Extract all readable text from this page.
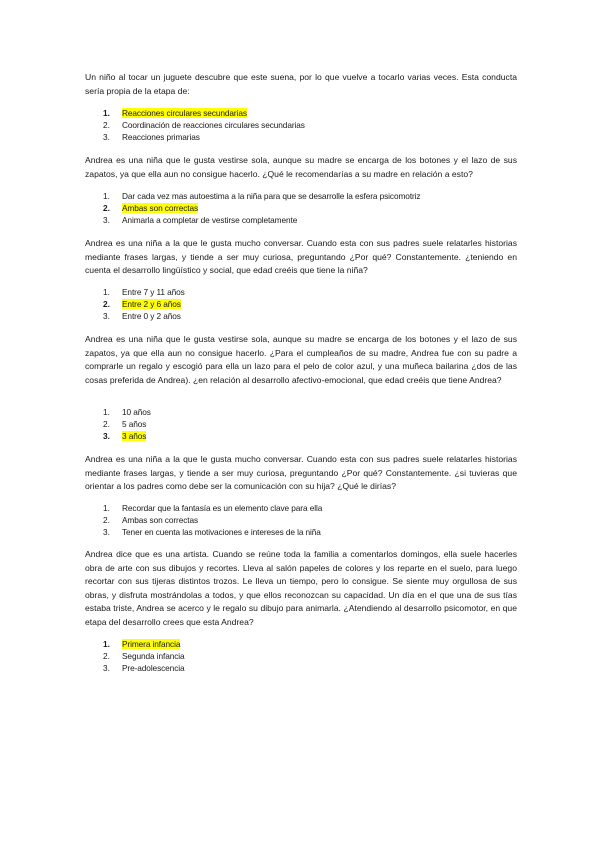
Un niño al tocar un juguete descubre que este suena, por lo que vuelve a tocarlo varias veces. Esta conducta sería propia de la etapa de:

1. Reacciones circulares secundarias
2. Coordinación de reacciones circulares secundarias
3. Reacciones primarias

Andrea es una niña que le gusta vestirse sola, aunque su madre se encarga de los botones y el lazo de sus zapatos, ya que ella aun no consigue hacerlo. ¿Qué le recomendarías a su madre en relación a esto?

1. Dar cada vez mas autoestima a la niña para que se desarrolle la esfera psicomotriz
2. Ambas son correctas
3. Animarla a completar de vestirse completamente

Andrea es una niña a la que le gusta mucho conversar. Cuando esta con sus padres suele relatarles historias mediante frases largas, y tiende a ser muy curiosa, preguntando ¿Por qué? Constantemente. ¿teniendo en cuenta el desarrollo lingüístico y social, que edad creéis que tiene la niña?

1. Entre 7 y 11 años
2. Entre 2 y 6 años
3. Entre 0 y 2 años

Andrea es una niña que le gusta vestirse sola, aunque su madre se encarga de los botones y el lazo de sus zapatos, ya que ella aun no consigue hacerlo. ¿Para el cumpleaños de su madre, Andrea fue con su padre a comprarle un regalo y escogió para ella un lazo para el pelo de color azul, y una muñeca bailarina ¿dos de las cosas preferida de Andrea). ¿en relación al desarrollo afectivo-emocional, que edad creéis que tiene Andrea?

1. 10 años
2. 5 años
3. 3 años

Andrea es una niña a la que le gusta mucho conversar. Cuando esta con sus padres suele relatarles historias mediante frases largas, y tiende a ser muy curiosa, preguntando ¿Por qué? Constantemente. ¿si tuvieras que orientar a los padres como debe ser la comunicación con su hija? ¿Qué le dirías?

1. Recordar que la fantasía es un elemento clave para ella
2. Ambas son correctas
3. Tener en cuenta las motivaciones e intereses de la niña

Andrea dice que es una artista. Cuando se reúne toda la familia a comentarlos domingos, ella suele hacerles obra de arte con sus dibujos y recortes. Lleva al salón papeles de colores y los reparte en el suelo, para luego recortar con sus tijeras distintos trozos. Le lleva un tiempo, pero lo consigue. Se siente muy orgullosa de sus obras, y disfruta mostrándolas a todos, y que ellos reconozcan su capacidad. Un día en el que una de sus tías estaba triste, Andrea se acerco y le regalo su dibujo para animarla. ¿Atendiendo al desarrollo psicomotor, en que etapa del desarrollo crees que esta Andrea?

1. Primera infancia
2. Segunda infancia
3. Pre-adolescencia
